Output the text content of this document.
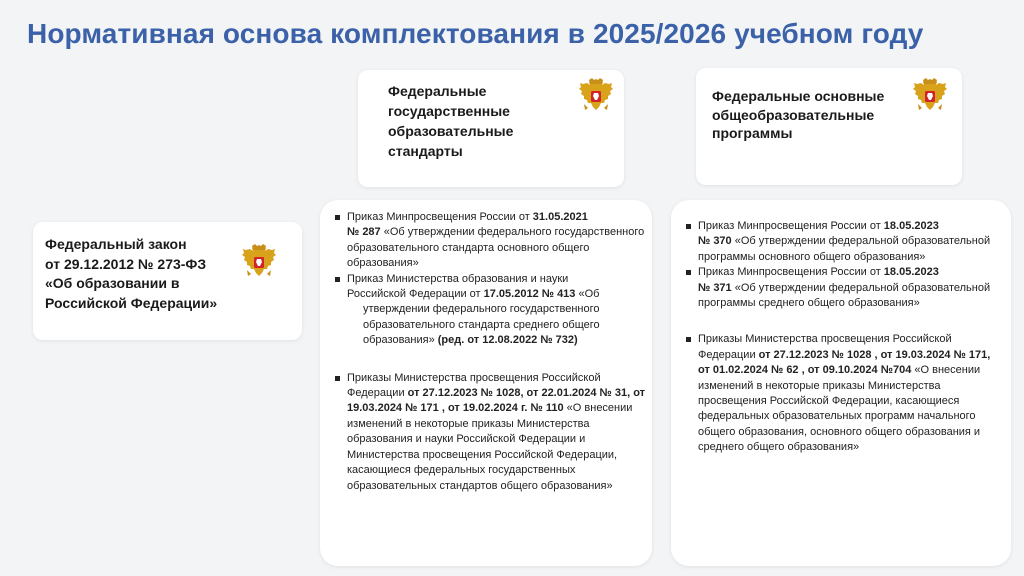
Нормативная основа комплектования в 2025/2026 учебном году
Федеральный закон
от 29.12.2012 № 273-ФЗ
«Об образовании в
Российской Федерации»
Федеральные
государственные
образовательные
стандарты
Федеральные основные
общеобразовательные
программы
Приказ Минпросвещения России от 31.05.2021
№ 287 «Об утверждении федерального государственного образовательного стандарта основного общего образования»
Приказ Министерства образования и науки
Российской Федерации от 17.05.2012 № 413 «Об
утверждении федерального государственного образовательного стандарта среднего общего образования» (ред. от 12.08.2022 № 732)
Приказы Министерства просвещения Российской Федерации от 27.12.2023 № 1028, от 22.01.2024 № 31, от 19.03.2024 № 171 , от 19.02.2024 г. № 110 «О внесении изменений в некоторые приказы Министерства образования и науки Российской Федерации и Министерства просвещения Российской Федерации, касающиеся федеральных государственных образовательных стандартов общего образования»
Приказ Минпросвещения России от 18.05.2023
№ 370 «Об утверждении федеральной образовательной программы основного общего образования»
Приказ Минпросвещения России от 18.05.2023
№ 371 «Об утверждении федеральной образовательной программы среднего общего образования»
Приказы Министерства просвещения Российской Федерации от 27.12.2023 № 1028 , от 19.03.2024 № 171, от 01.02.2024 № 62 , от 09.10.2024 №704 «О внесении изменений в некоторые приказы Министерства просвещения Российской Федерации, касающиеся федеральных образовательных программ начального общего образования, основного общего образования и среднего общего образования»
